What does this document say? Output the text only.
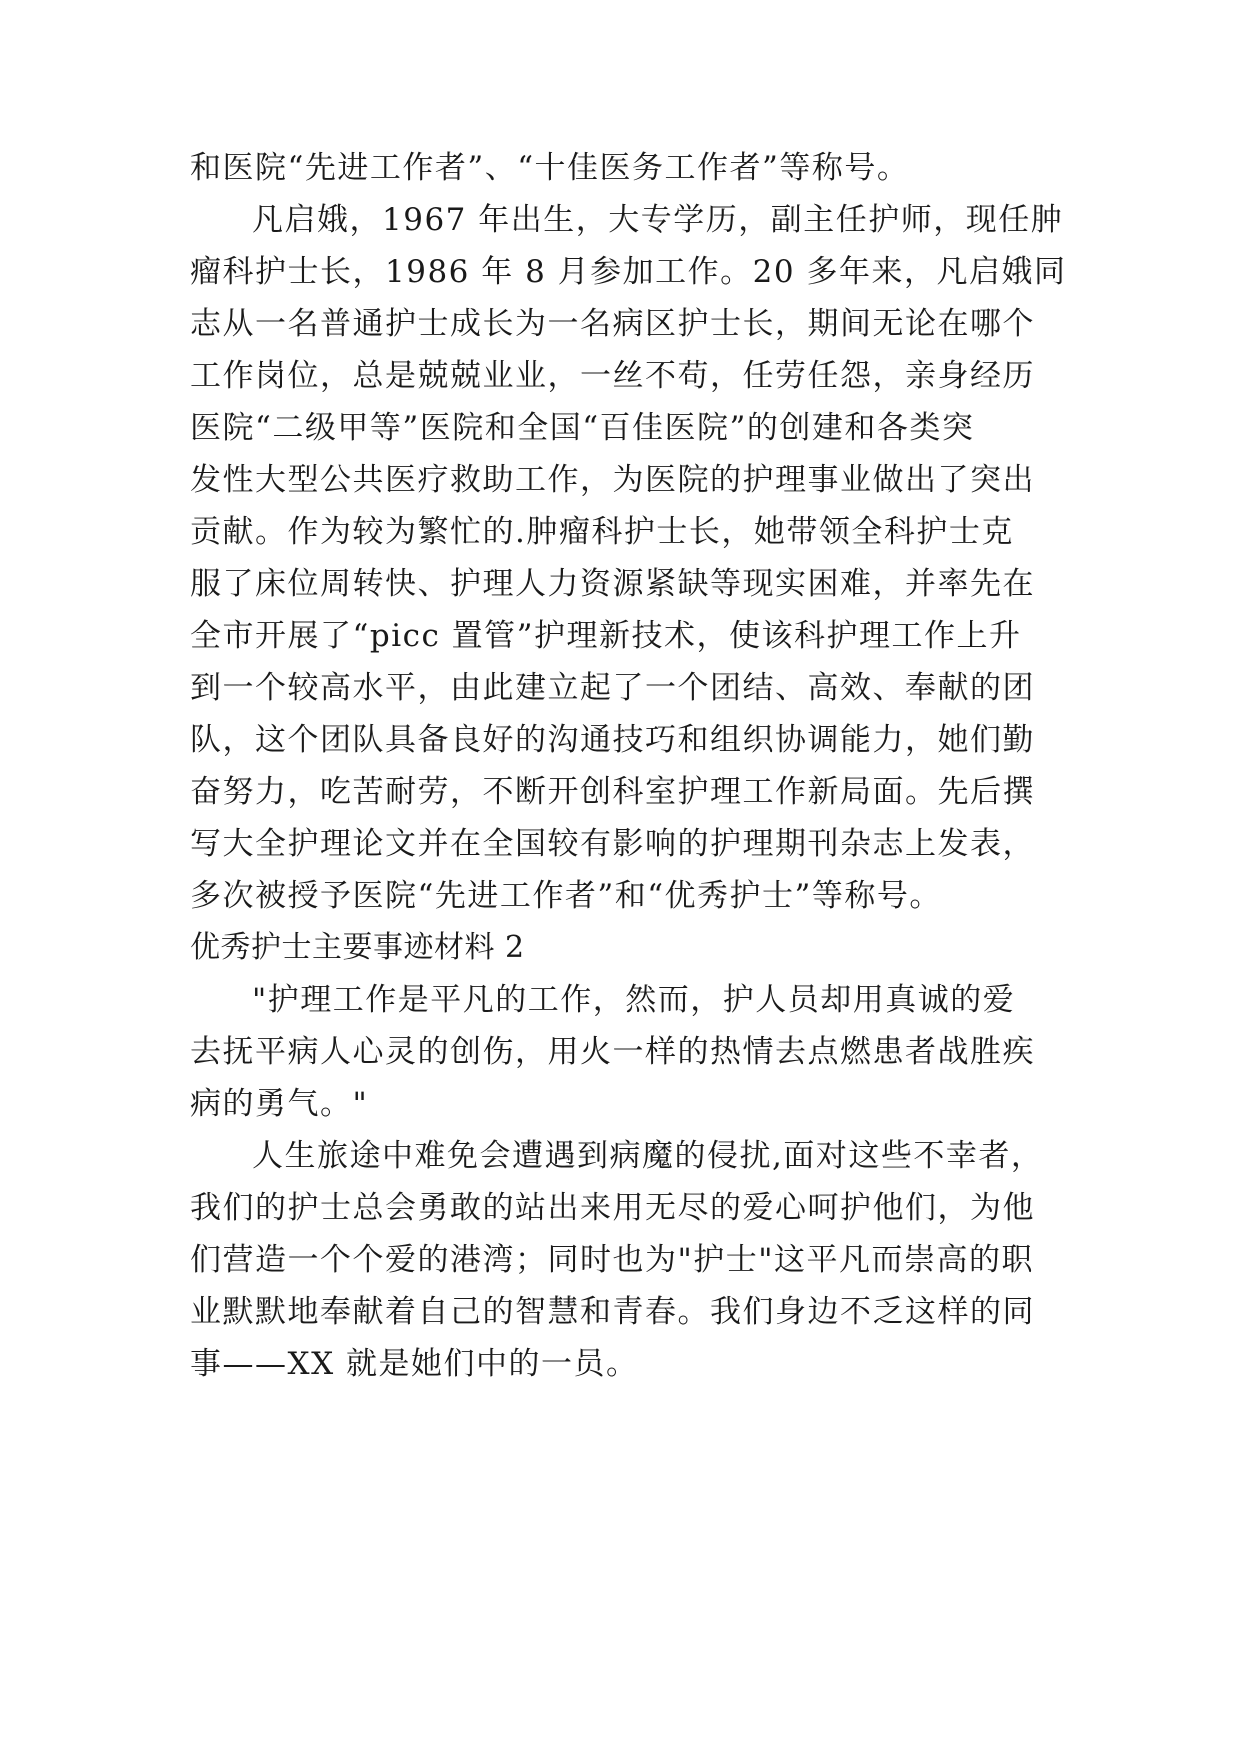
和医院“先进工作者”、“十佳医务工作者”等称号。
凡启娥，1967 年出生，大专学历，副主任护师，现任肿
瘤科护士长，1986 年 8 月参加工作。20 多年来，凡启娥同
志从一名普通护士成长为一名病区护士长，期间无论在哪个
工作岗位，总是兢兢业业，一丝不苟，任劳任怨，亲身经历
医院“二级甲等”医院和全国“百佳医院”的创建和各类突
发性大型公共医疗救助工作，为医院的护理事业做出了突出
贡献。作为较为繁忙的.肿瘤科护士长，她带领全科护士克
服了床位周转快、护理人力资源紧缺等现实困难，并率先在
全市开展了“picc 置管”护理新技术，使该科护理工作上升
到一个较高水平，由此建立起了一个团结、高效、奉献的团
队，这个团队具备良好的沟通技巧和组织协调能力，她们勤
奋努力，吃苦耐劳，不断开创科室护理工作新局面。先后撰
写大全护理论文并在全国较有影响的护理期刊杂志上发表，
多次被授予医院“先进工作者”和“优秀护士”等称号。
优秀护士主要事迹材料 2
"护理工作是平凡的工作，然而，护人员却用真诚的爱
去抚平病人心灵的创伤，用火一样的热情去点燃患者战胜疾
病的勇气。"
人生旅途中难免会遭遇到病魔的侵扰,面对这些不幸者，
我们的护士总会勇敢的站出来用无尽的爱心呵护他们，为他
们营造一个个爱的港湾；同时也为"护士"这平凡而崇高的职
业默默地奉献着自己的智慧和青春。我们身边不乏这样的同
事——XX 就是她们中的一员。
